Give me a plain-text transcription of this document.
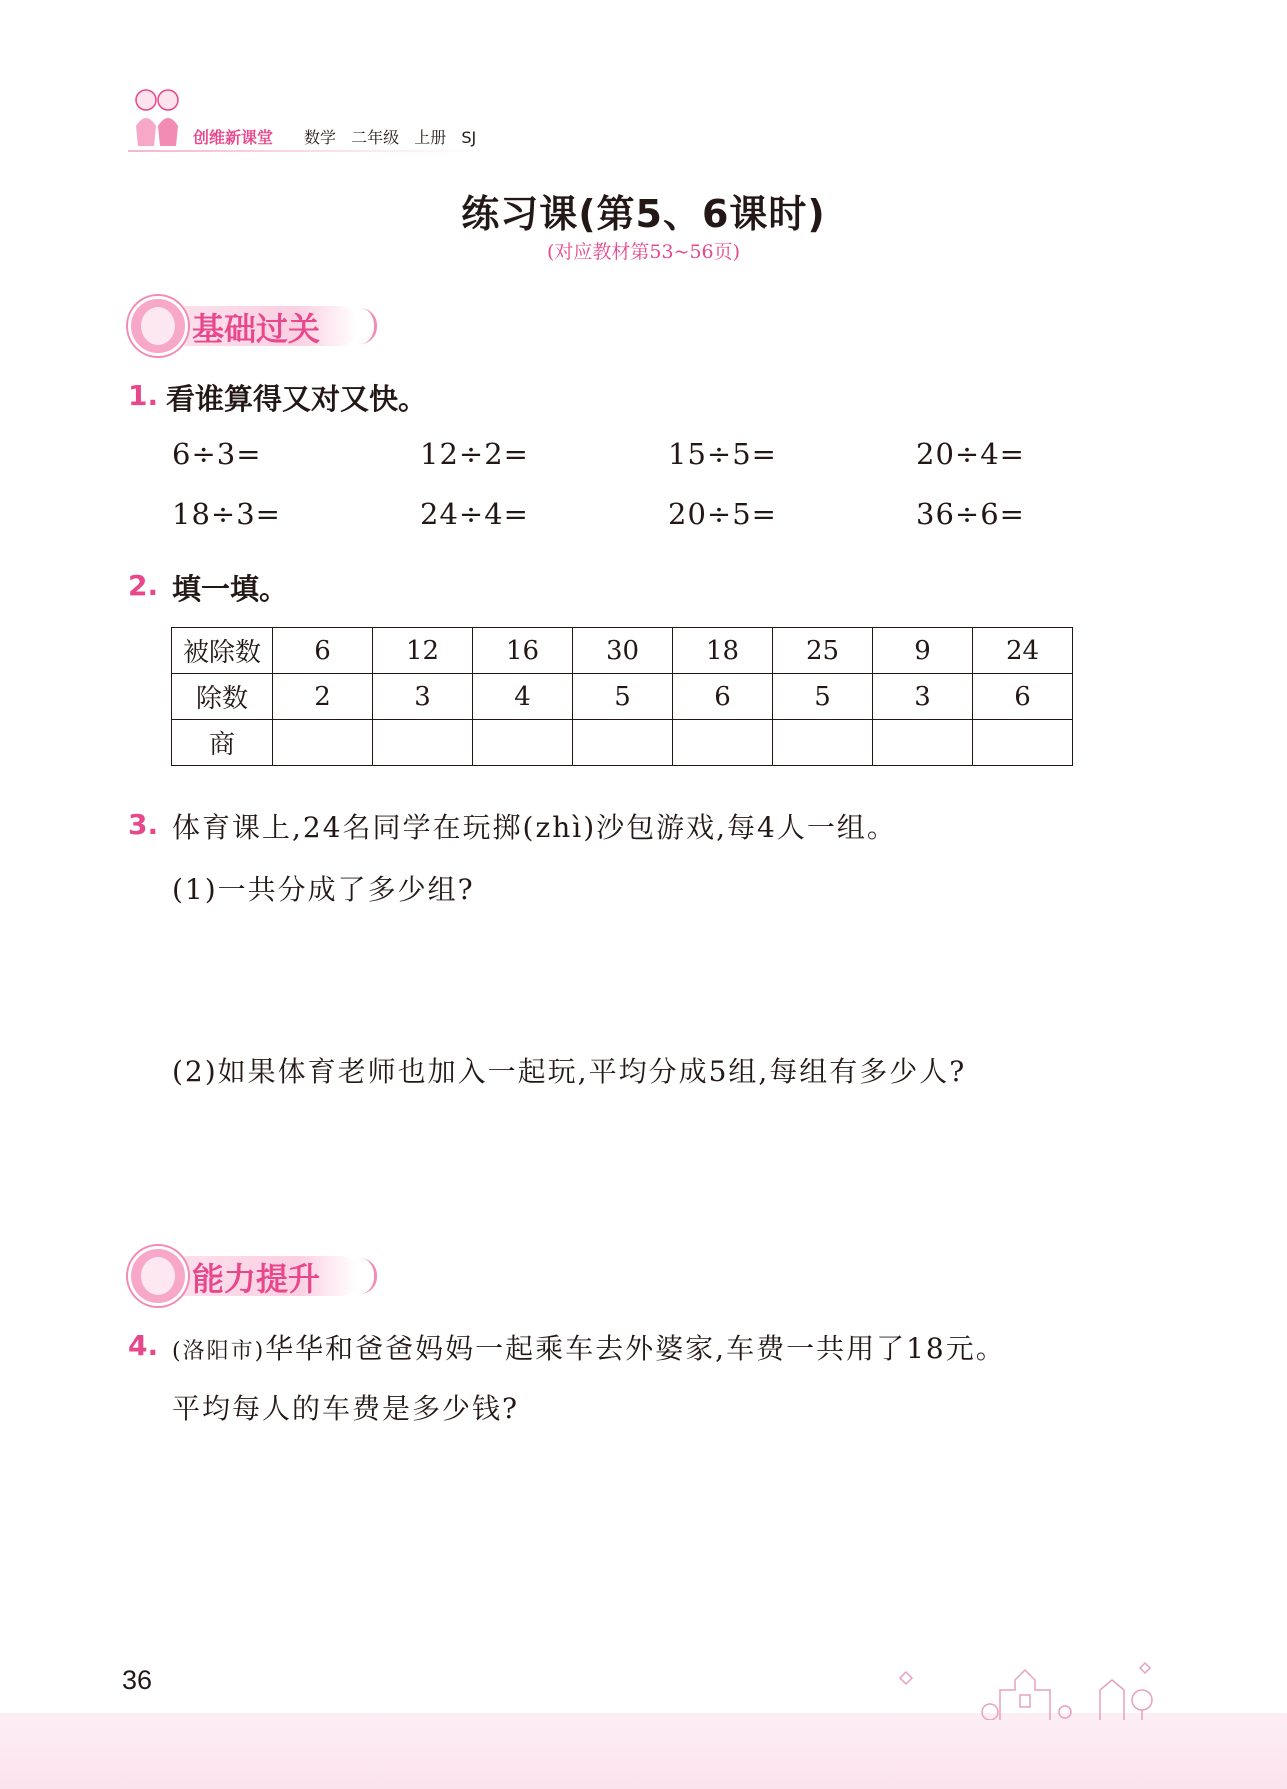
创维新课堂 数学 二年级 上册 SJ
练习课(第5、6课时)
(对应教材第53~56页)
基础过关
1. 看谁算得又对又快。
6÷3=	12÷2=	15÷5=	20÷4=
18÷3=	24÷4=	20÷5=	36÷6=
2. 填一填。
被除数	6	12	16	30	18	25	9	24
除数	2	3	4	5	6	5	3	6
商								
3. 体育课上,24名同学在玩掷(zhì)沙包游戏,每4人一组。
(1)一共分成了多少组?
(2)如果体育老师也加入一起玩,平均分成5组,每组有多少人?
能力提升
4. (洛阳市)华华和爸爸妈妈一起乘车去外婆家,车费一共用了18元。
平均每人的车费是多少钱?
36
